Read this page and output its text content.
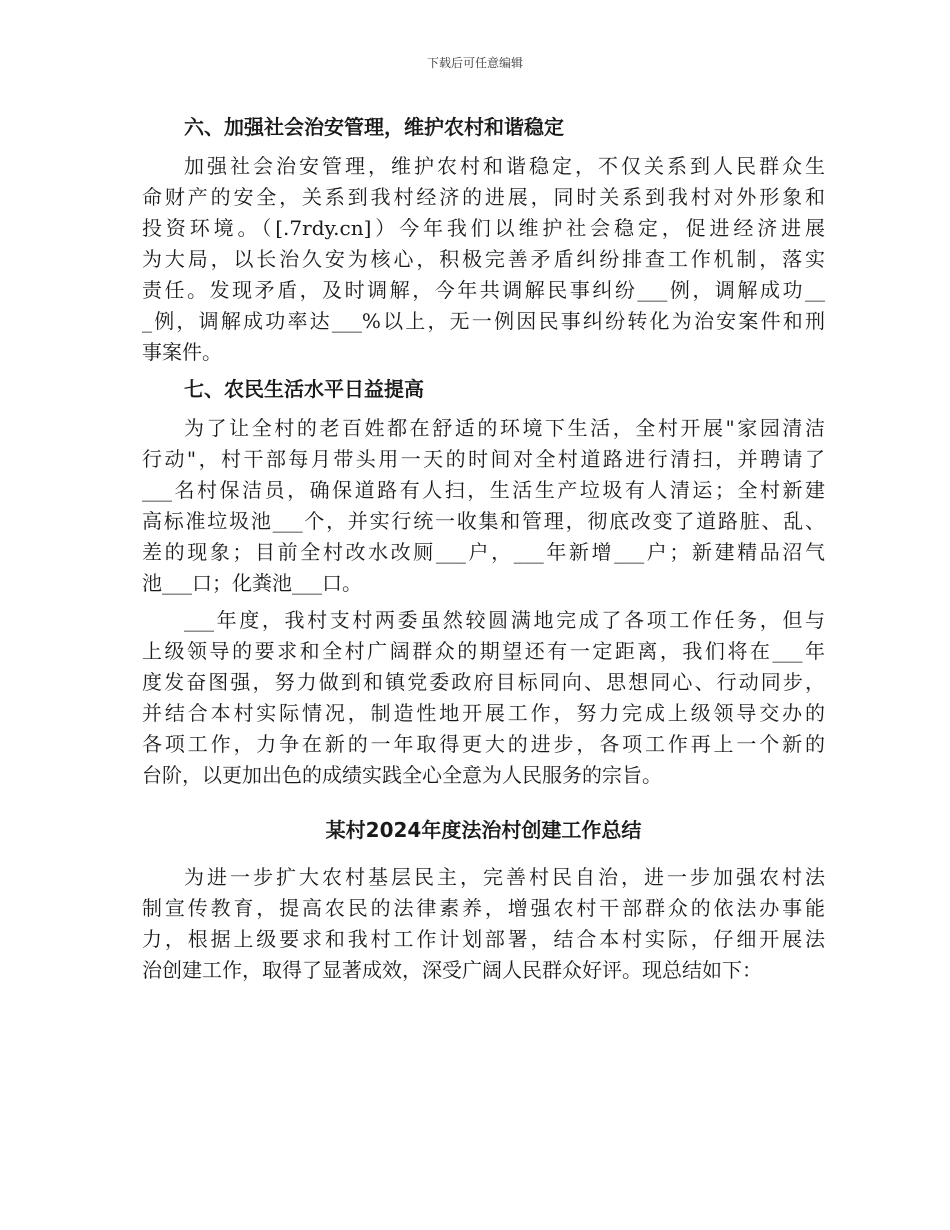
下载后可任意编辑
六、加强社会治安管理，维护农村和谐稳定

加强社会治安管理，维护农村和谐稳定，不仅关系到人民群众生
命财产的安全，关系到我村经济的进展，同时关系到我村对外形象和
投资环境。（[.7rdy.cn]）今年我们以维护社会稳定，促进经济进展
为大局，以长治久安为核心，积极完善矛盾纠纷排查工作机制，落实
责任。发现矛盾，及时调解，今年共调解民事纠纷___例，调解成功__
_例，调解成功率达___%以上，无一例因民事纠纷转化为治安案件和刑
事案件。

七、农民生活水平日益提高

为了让全村的老百姓都在舒适的环境下生活，全村开展"家园清洁
行动"，村干部每月带头用一天的时间对全村道路进行清扫，并聘请了
___名村保洁员，确保道路有人扫，生活生产垃圾有人清运；全村新建
高标准垃圾池___个，并实行统一收集和管理，彻底改变了道路脏、乱、
差的现象；目前全村改水改厕___户，___年新增___户；新建精品沼气
池___口；化粪池___口。

___年度，我村支村两委虽然较圆满地完成了各项工作任务，但与
上级领导的要求和全村广阔群众的期望还有一定距离，我们将在___年
度发奋图强，努力做到和镇党委政府目标同向、思想同心、行动同步，
并结合本村实际情况，制造性地开展工作，努力完成上级领导交办的
各项工作，力争在新的一年取得更大的进步，各项工作再上一个新的
台阶，以更加出色的成绩实践全心全意为人民服务的宗旨。

某村2024年度法治村创建工作总结

为进一步扩大农村基层民主，完善村民自治，进一步加强农村法
制宣传教育，提高农民的法律素养，增强农村干部群众的依法办事能
力，根据上级要求和我村工作计划部署，结合本村实际，仔细开展法
治创建工作，取得了显著成效，深受广阔人民群众好评。现总结如下：
